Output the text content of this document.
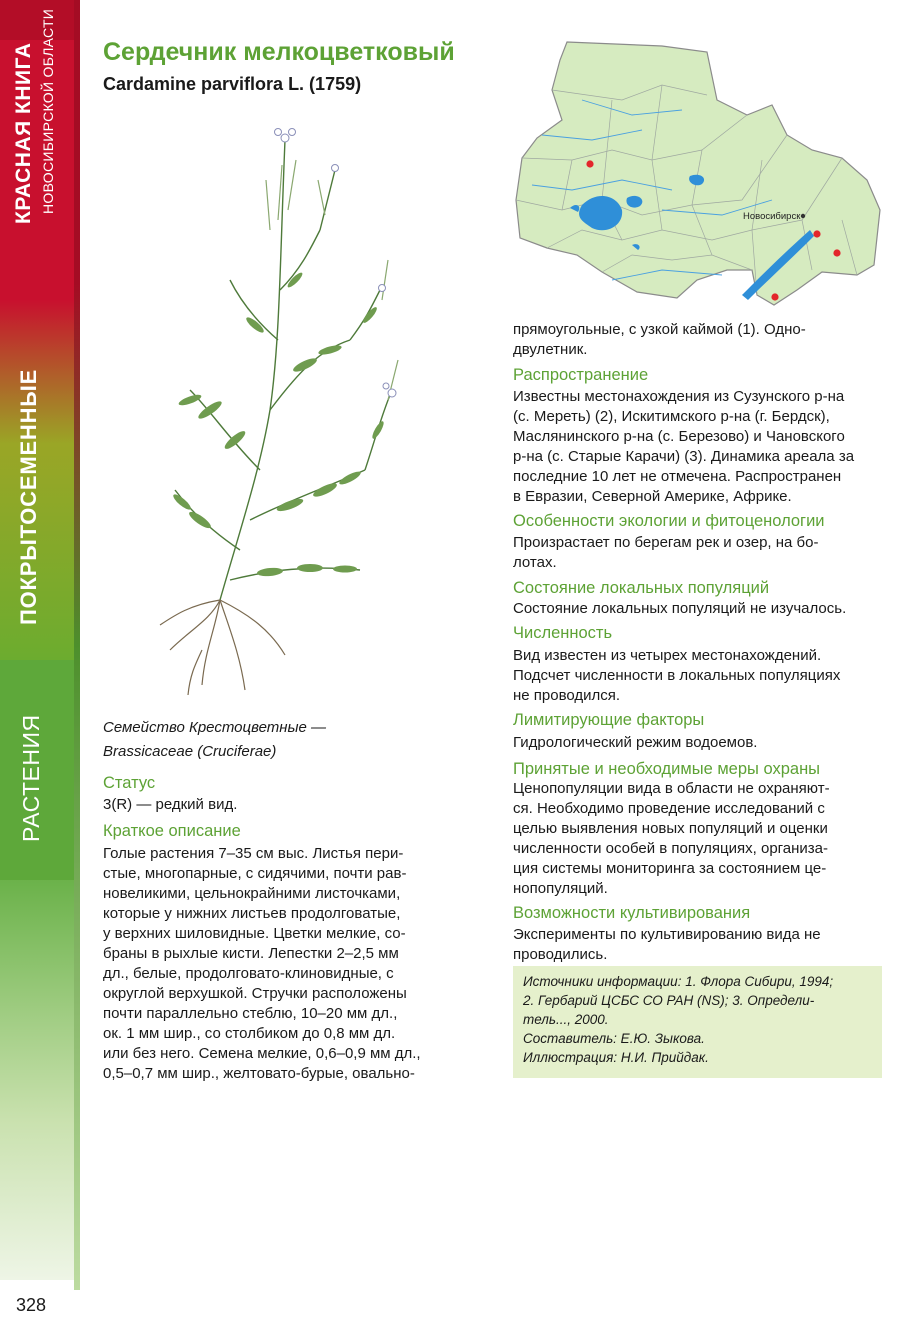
КРАСНАЯ КНИГА НОВОСИБИРСКОЙ ОБЛАСТИ
ПОКРЫТОСЕМЕННЫЕ
РАСТЕНИЯ
328
Сердечник мелкоцветковый
Cardamine parviflora L. (1759)
Семейство Крестоцветные —
Brassicaceae (Cruciferae)
Статус
3(R) — редкий вид.
Краткое описание
Голые растения 7–35 см выс. Листья пери-
стые, многопарные, с сидячими, почти рав-
новеликими, цельнокрайними листочками,
которые у нижних листьев продолговатые,
у верхних шиловидные. Цветки мелкие, со-
браны в рыхлые кисти. Лепестки 2–2,5 мм
дл., белые, продолговато-клиновидные, с
округлой верхушкой. Стручки расположены
почти параллельно стеблю, 10–20 мм дл.,
ок. 1 мм шир., со столбиком до 0,8 мм дл.
или без него. Семена мелкие, 0,6–0,9 мм дл.,
0,5–0,7 мм шир., желтовато-бурые, овально-
Новосибирск
прямоугольные, с узкой каймой (1). Одно-
двулетник.
Распространение
Известны местонахождения из Сузунского р-на
(с. Мереть) (2), Искитимского р-на (г. Бердск),
Маслянинского р-на (с. Березово) и Чановского
р-на (с. Старые Карачи) (3). Динамика ареала за
последние 10 лет не отмечена. Распространен
в Евразии, Северной Америке, Африке.
Особенности экологии и фитоценологии
Произрастает по берегам рек и озер, на бо-
лотах.
Состояние локальных популяций
Состояние локальных популяций не изучалось.
Численность
Вид известен из четырех местонахождений.
Подсчет численности в локальных популяциях
не проводился.
Лимитирующие факторы
Гидрологический режим водоемов.
Принятые и необходимые меры охраны
Ценопопуляции вида в области не охраняют-
ся. Необходимо проведение исследований с
целью выявления новых популяций и оценки
численности особей в популяциях, организа-
ция системы мониторинга за состоянием це-
нопопуляций.
Возможности культивирования
Эксперименты по культивированию вида не
проводились.
Источники информации: 1. Флора Сибири, 1994;
2. Гербарий ЦСБС СО РАН (NS); 3. Определи-
тель..., 2000.
Составитель: Е.Ю. Зыкова.
Иллюстрация: Н.И. Прийдак.
